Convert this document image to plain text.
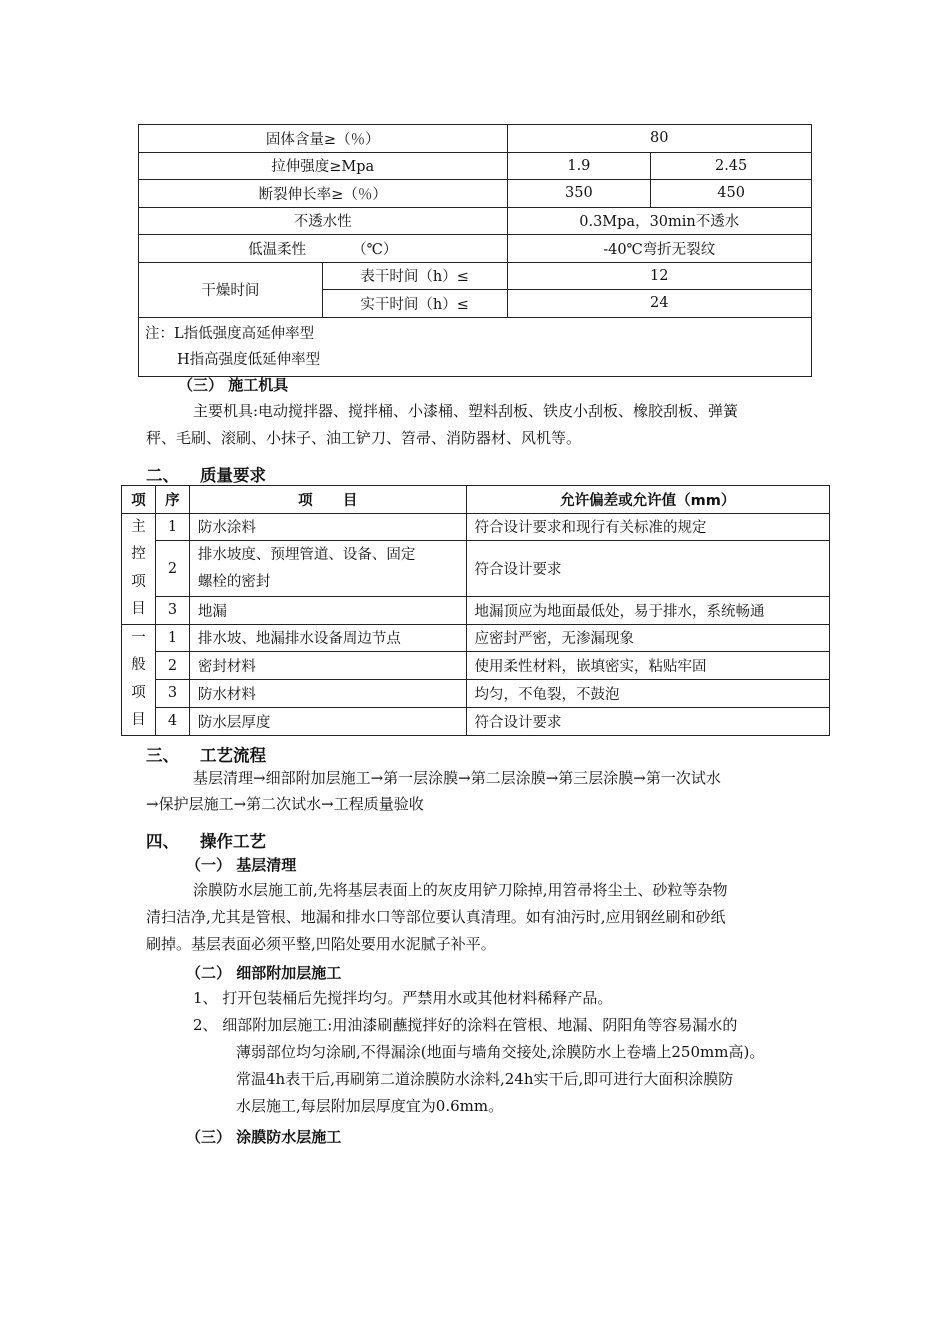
固体含量≥（％）		80	
拉伸强度≥Mpa		1.9	2.45
断裂伸长率≥（％）		350	450
不透水性		0.3Mpa，30min不透水	
低温柔性          （℃）		-40℃弯折无裂纹	
干燥时间	表干时间（h）≤	12	
	实干时间（h）≤	24	

注：L指低强度高延伸率型
H指高强度低延伸率型			
（三） 施工机具
主要机具:电动搅拌器、搅拌桶、小漆桶、塑料刮板、铁皮小刮板、橡胶刮板、弹簧
秤、毛刷、滚刷、小抹子、油工铲刀、笤帚、消防器材、风机等。
二、 质量要求
项	序	项      目	允许偏差或允许值（mm）

主
控
项
目	1	防水涂料	符合设计要求和现行有关标准的规定
	2	排水坡度、预埋管道、设备、固定
螺栓的密封	符合设计要求
	3	地漏	地漏顶应为地面最低处，易于排水，系统畅通

一
般
项
目	1	排水坡、地漏排水设备周边节点	应密封严密，无渗漏现象
	2	密封材料	使用柔性材料，嵌填密实，粘贴牢固
	3	防水材料	均匀，不龟裂，不鼓泡
	4	防水层厚度	符合设计要求
三、 工艺流程
基层清理→细部附加层施工→第一层涂膜→第二层涂膜→第三层涂膜→第一次试水
→保护层施工→第二次试水→工程质量验收
四、 操作工艺
（一） 基层清理
涂膜防水层施工前,先将基层表面上的灰皮用铲刀除掉,用笤帚将尘土、砂粒等杂物
清扫洁净,尤其是管根、地漏和排水口等部位要认真清理。如有油污时,应用钢丝刷和砂纸
刷掉。基层表面必须平整,凹陷处要用水泥腻子补平。
（二） 细部附加层施工
1、 打开包装桶后先搅拌均匀。严禁用水或其他材料稀释产品。
2、 细部附加层施工:用油漆刷蘸搅拌好的涂料在管根、地漏、阴阳角等容易漏水的
薄弱部位均匀涂刷,不得漏涂(地面与墙角交接处,涂膜防水上卷墙上250mm高)。
常温4h表干后,再刷第二道涂膜防水涂料,24h实干后,即可进行大面积涂膜防
水层施工,每层附加层厚度宜为0.6mm。
（三） 涂膜防水层施工
